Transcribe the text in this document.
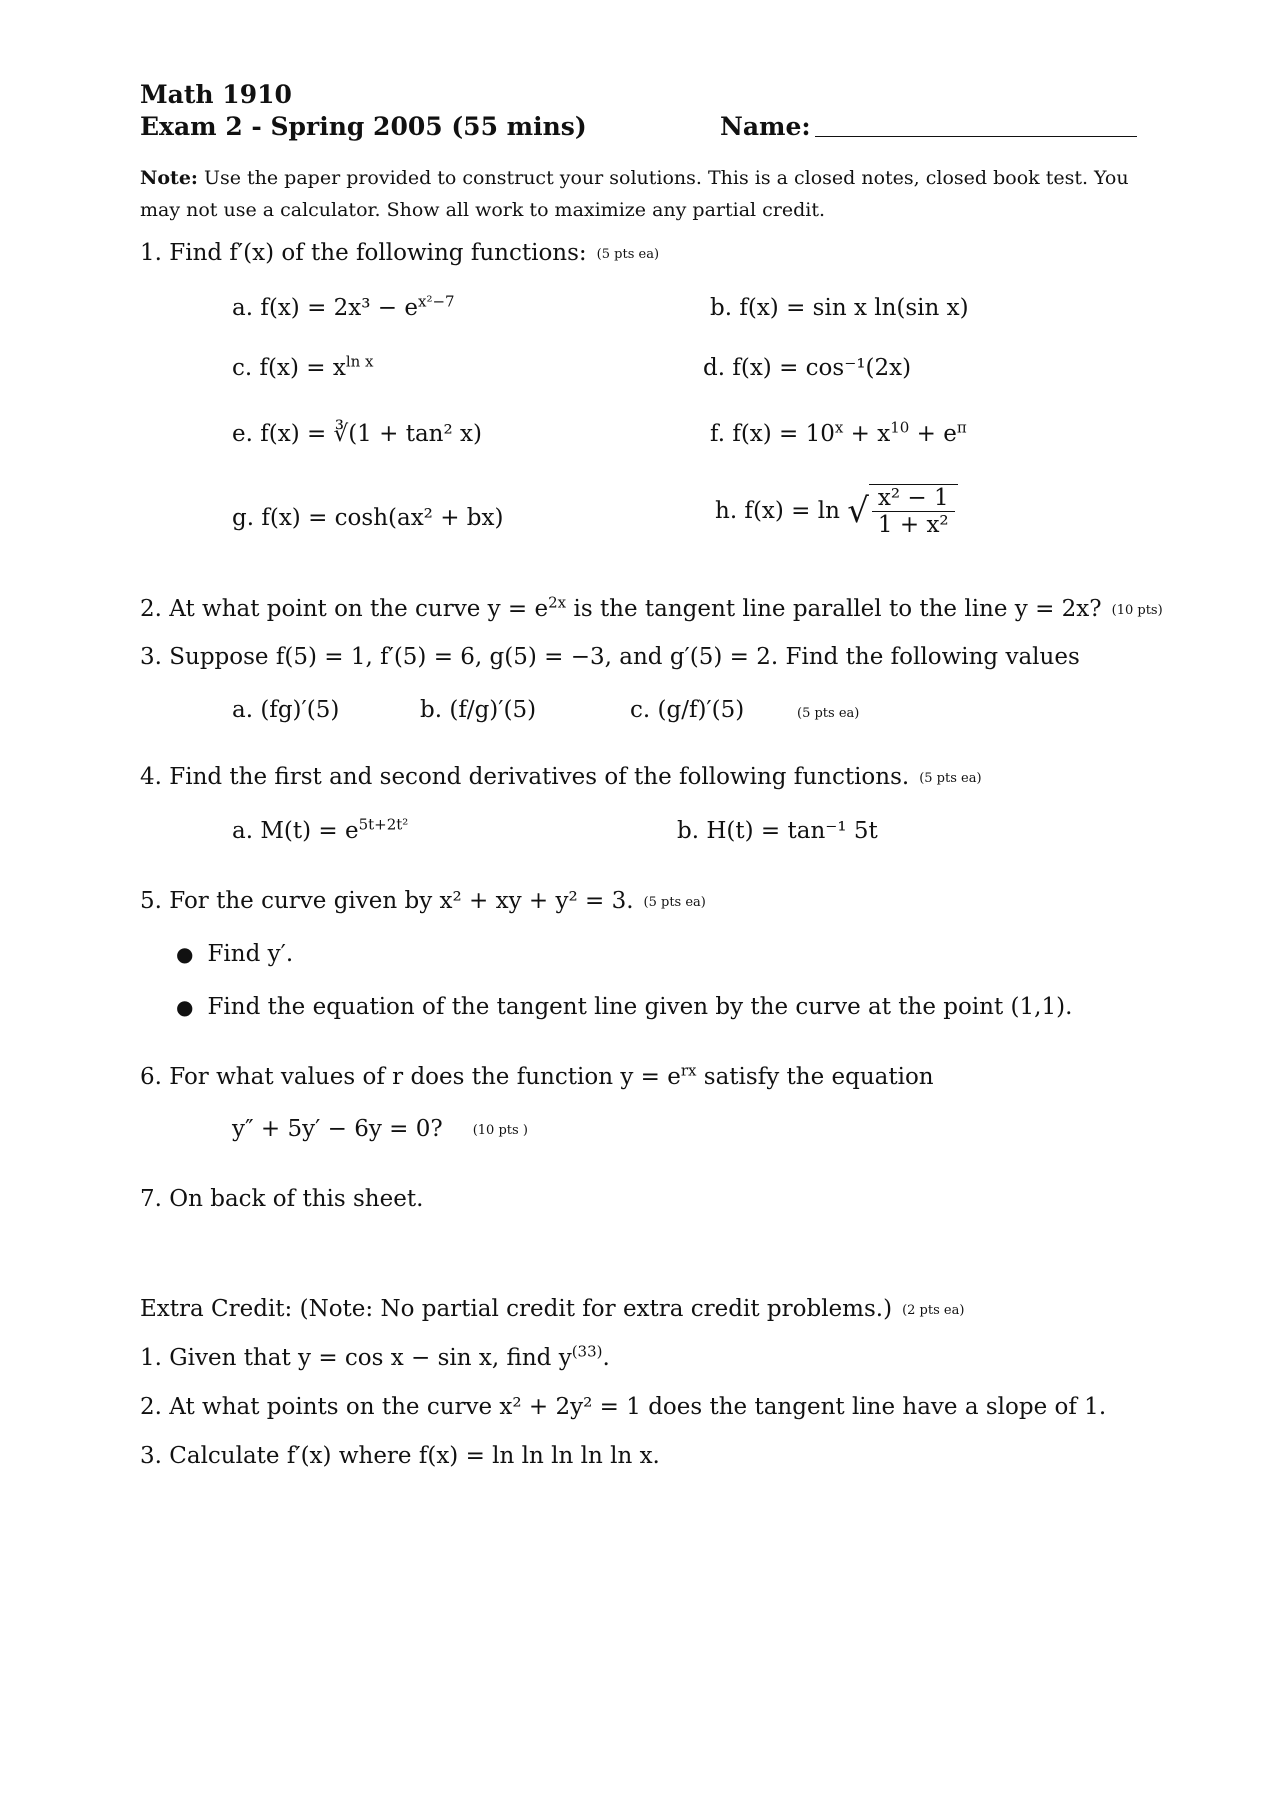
Math 1910
Exam 2 - Spring 2005 (55 mins)	Name:
Note: Use the paper provided to construct your solutions. This is a closed notes, closed book test. You
may not use a calculator. Show all work to maximize any partial credit.
1. Find f′(x) of the following functions: (5 pts ea)
a. $f(x) = 2x^3 - e^{x^2-7}$	b. f(x) = sin x ln(sin x)
c. $f(x) = x^{ln x}$	d. f(x) = cos⁻¹(2x)
e. f(x) = ∛(1 + tan² x)	f. $f(x) = 10^x + x^{10} + e^\pi$
g. f(x) = cosh(ax² + bx)	h. f(x) = ln √ $\frac{\text{x² − 1}}{\text{1 + x²}}$
2. At what point on the curve $y = e^{2x}$ is the tangent line parallel to the line y = 2x? (10 pts)
3. Suppose f(5) = 1, f′(5) = 6, g(5) = −3, and g′(5) = 2. Find the following values
a. (fg)′(5)	b. (f/g)′(5)	c. (g/f)′(5)	(5 pts ea)
4. Find the first and second derivatives of the following functions. (5 pts ea)
a. $M(t) = e^{5t+2t^2}$	b. H(t) = tan⁻¹ 5t
5. For the curve given by x² + xy + y² = 3. (5 pts ea)
● Find y′.
● Find the equation of the tangent line given by the curve at the point (1,1).
6. For what values of r does the function $y = e^{rx}$ satisfy the equation
y″ + 5y′ − 6y = 0? (10 pts )
7. On back of this sheet.
Extra Credit: (Note: No partial credit for extra credit problems.) (2 pts ea)
1. Given that y = cos x − sin x, find $y^{(33)}$.
2. At what points on the curve x² + 2y² = 1 does the tangent line have a slope of 1.
3. Calculate f′(x) where f(x) = ln ln ln ln ln x.
